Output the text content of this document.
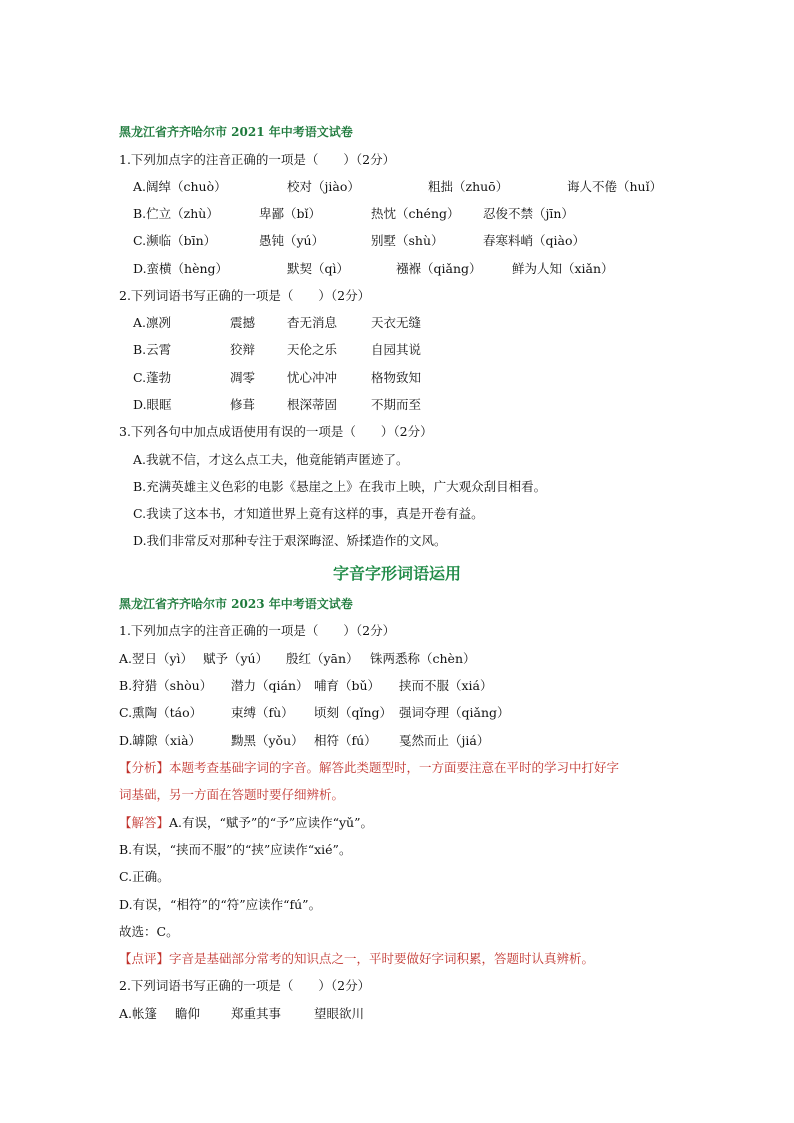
黑龙江省齐齐哈尔市 2021 年中考语文试卷
1.下列加点字的注音正确的一项是（　　）（2分）
A.阔绰（chuò）	校对（jiào）	粗拙（zhuō）	诲人不倦（huǐ）
B.伫立（zhù）	卑鄙（bǐ）	热忱（chéng） 忍俊不禁（jīn）
C.濒临（bīn）	愚钝（yú）	别墅（shù）	春寒料峭（qiào）
D.蛮横（hèng）	默契（qì）	襁褓（qiǎng） 鲜为人知（xiǎn）
2.下列词语书写正确的一项是（　　）（2分）
A.凛冽	震撼	杳无消息	天衣无缝
B.云霄	狡辩	天伦之乐	自园其说
C.蓬勃	凋零	忧心冲冲	格物致知
D.眼眶	修葺	根深蒂固	不期而至
3.下列各句中加点成语使用有误的一项是（　　）（2分）
A.我就不信，才这么点工夫，他竟能销声匿迹了。
B.充满英雄主义色彩的电影《悬崖之上》在我市上映，广大观众刮目相看。
C.我读了这本书，才知道世界上竟有这样的事，真是开卷有益。
D.我们非常反对那种专注于艰深晦涩、矫揉造作的文风。
字音字形词语运用
黑龙江省齐齐哈尔市 2023 年中考语文试卷
1.下列加点字的注音正确的一项是（　　）（2分）
A.翌日（yì） 赋予（yú） 殷红（yān） 铢两悉称（chèn）
B.狩猎（shòu） 潜力（qián） 哺育（bǔ） 挟而不服（xiá）
C.熏陶（táo） 束缚（fù） 顷刻（qǐng） 强词夺理（qiǎng）
D.罅隙（xià） 黝黑（yǒu） 相符（fú） 戛然而止（jiá）
【分析】本题考查基础字词的字音。解答此类题型时，一方面要注意在平时的学习中打好字
词基础，另一方面在答题时要仔细辨析。
【解答】A.有误，“赋予”的“予”应读作“yǔ”。
B.有误，“挟而不服”的“挟”应读作“xié”。
C.正确。
D.有误，“相符”的“符”应读作“fú”。
故选：C。
【点评】字音是基础部分常考的知识点之一，平时要做好字词积累，答题时认真辨析。
2.下列词语书写正确的一项是（　　）（2分）
A.帐篷 瞻仰 郑重其事	望眼欲川
